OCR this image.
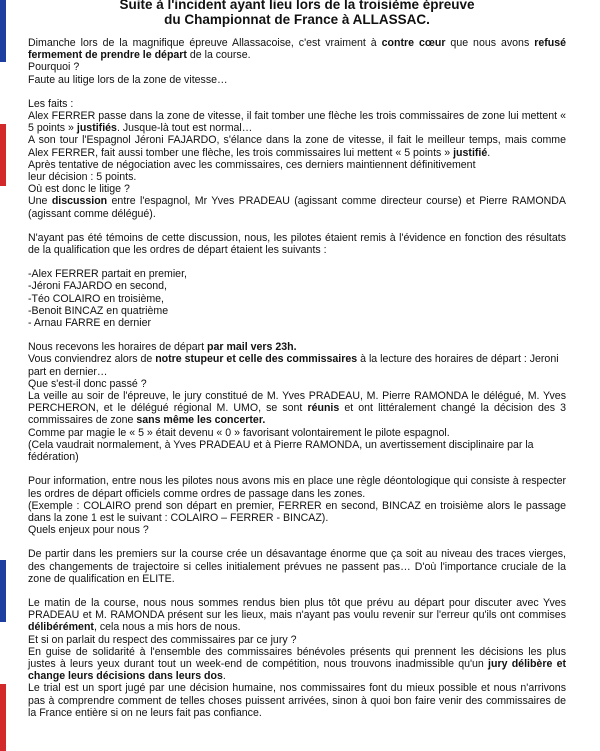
Suite à l'incident ayant lieu lors de la troisième épreuve

du Championnat de France à ALLASSAC.

Dimanche lors de la magnifique épreuve Allassacoise, c'est vraiment à contre cœur que nous avons refusé fermement de prendre le départ de la course.

Pourquoi ?

Faute au litige lors de la zone de vitesse…

Les faits :

Alex FERRER passe dans la zone de vitesse, il fait tomber une flèche les trois commissaires de zone lui mettent « 5 points » justifiés. Jusque-là tout est normal…

A son tour l'Espagnol Jéroni FAJARDO, s'élance dans la zone de vitesse, il fait le meilleur temps, mais comme Alex FERRER, fait aussi tomber une flèche, les trois commissaires lui mettent « 5 points » justifié.

Après tentative de négociation avec les commissaires, ces derniers maintiennent définitivement

leur décision : 5 points.

Où est donc le litige ?

Une discussion entre l'espagnol, Mr Yves PRADEAU (agissant comme directeur course) et Pierre RAMONDA (agissant comme délégué).

N'ayant pas été témoins de cette discussion, nous, les pilotes étaient remis à l'évidence en fonction des résultats de la qualification que les ordres de départ étaient les suivants :

-Alex FERRER partait en premier,

-Jéroni FAJARDO en second,

-Téo COLAIRO en troisième,

-Benoit BINCAZ en quatrième

- Arnau FARRE en dernier

Nous recevons les horaires de départ par mail vers 23h.

Vous conviendrez alors de notre stupeur et celle des commissaires à la lecture des horaires de départ : Jeroni part en dernier…

Que s'est-il donc passé ?

La veille au soir de l'épreuve, le jury constitué de M. Yves PRADEAU, M. Pierre RAMONDA le délégué, M. Yves PERCHERON, et le délégué régional M. UMO, se sont réunis et ont littéralement changé la décision des 3 commissaires de zone sans même les concerter.

Comme par magie le « 5 » était devenu « 0 » favorisant volontairement le pilote espagnol.

(Cela vaudrait normalement, à Yves PRADEAU et à Pierre RAMONDA, un avertissement disciplinaire par la fédération)

Pour information, entre nous les pilotes nous avons mis en place une règle déontologique qui consiste à respecter les ordres de départ officiels comme ordres de passage dans les zones.

(Exemple : COLAIRO prend son départ en premier, FERRER en second, BINCAZ en troisième alors le passage dans la zone 1 est le suivant : COLAIRO – FERRER - BINCAZ).

Quels enjeux pour nous ?

De partir dans les premiers sur la course crée un désavantage énorme que ça soit au niveau des traces vierges, des changements de trajectoire si celles initialement prévues ne passent pas… D'où l'importance cruciale de la zone de qualification en ELITE.

Le matin de la course, nous nous sommes rendus bien plus tôt que prévu au départ pour discuter avec Yves PRADEAU et M. RAMONDA présent sur les lieux, mais n'ayant pas voulu revenir sur l'erreur qu'ils ont commises délibérément, cela nous a mis hors de nous.

Et si on parlait du respect des commissaires par ce jury ?

En guise de solidarité à l'ensemble des commissaires bénévoles présents qui prennent les décisions les plus justes à leurs yeux durant tout un week-end de compétition, nous trouvons inadmissible qu'un jury délibère et change leurs décisions dans leurs dos.

Le trial est un sport jugé par une décision humaine, nos commissaires font du mieux possible et nous n'arrivons pas à comprendre comment de telles choses puissent arrivées, sinon à quoi bon faire venir des commissaires de la France entière si on ne leurs fait pas confiance.
